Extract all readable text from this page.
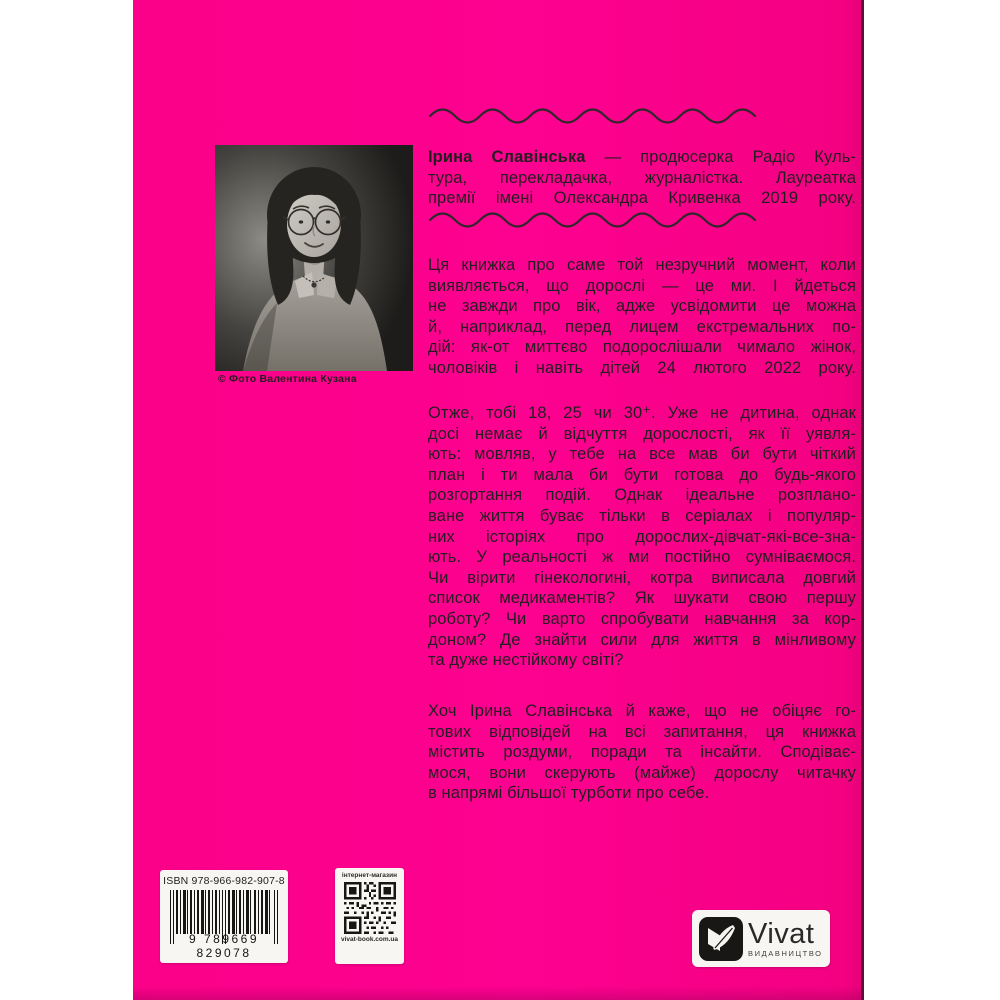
© Фото Валентина Кузана
Ірина Славінська — продюсерка Радіо Куль-
тура, перекладачка, журналістка. Лауреатка
премії імені Олександра Кривенка 2019 року.
Ця книжка про саме той незручний момент, коли
виявляється, що дорослі — це ми. І йдеться
не завжди про вік, адже усвідомити це можна
й, наприклад, перед лицем екстремальних по-
дій: як-от миттєво подорослішали чимало жінок,
чоловіків і навіть дітей 24 лютого 2022 року.
Отже, тобі 18, 25 чи 30⁺. Уже не дитина, однак
досі немає й відчуття дорослості, як її уявля-
ють: мовляв, у тебе на все мав би бути чіткий
план і ти мала би бути готова до будь-якого
розгортання подій. Однак ідеальне розплано-
ване життя буває тільки в серіалах і популяр-
них історіях про дорослих-дівчат-які-все-зна-
ють. У реальності ж ми постійно сумніваємося.
Чи вірити гінекологині, котра виписала довгий
список медикаментів? Як шукати свою першу
роботу? Чи варто спробувати навчання за кор-
доном? Де знайти сили для життя в мінливому
та дуже нестійкому світі?
Хоч Ірина Славінська й каже, що не обіцяє го-
тових відповідей на всі запитання, ця книжка
містить роздуми, поради та інсайти. Сподіває-
мося, вони скерують (майже) дорослу читачку
в напрямі більшої турботи про себе.
ISBN 978-966-982-907-8
9 789669 829078
інтернет-магазин
vivat-book.com.ua	Vivat
ВИДАВНИЦТВО
